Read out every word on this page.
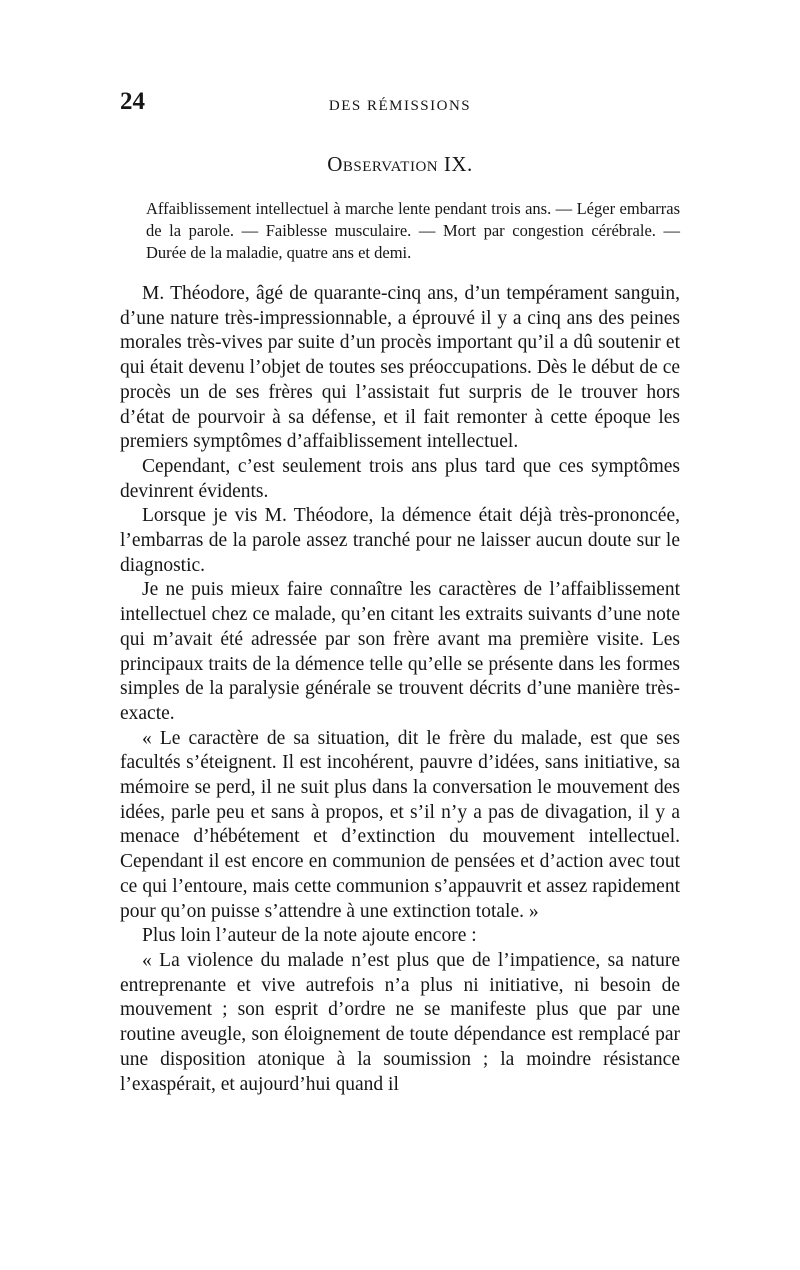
24	DES RÉMISSIONS
Observation IX.
Affaiblissement intellectuel à marche lente pendant trois ans. — Léger embarras de la parole. — Faiblesse musculaire. — Mort par congestion cérébrale. — Durée de la maladie, quatre ans et demi.

M. Théodore, âgé de quarante-cinq ans, d’un tempérament sanguin, d’une nature très-impressionnable, a éprouvé il y a cinq ans des peines morales très-vives par suite d’un procès important qu’il a dû soutenir et qui était devenu l’objet de toutes ses préoccupations. Dès le début de ce procès un de ses frères qui l’assistait fut surpris de le trouver hors d’état de pourvoir à sa défense, et il fait remonter à cette époque les premiers symptômes d’affaiblissement intellectuel.

Cependant, c’est seulement trois ans plus tard que ces symptômes devinrent évidents.

Lorsque je vis M. Théodore, la démence était déjà très-prononcée, l’embarras de la parole assez tranché pour ne laisser aucun doute sur le diagnostic.

Je ne puis mieux faire connaître les caractères de l’affaiblissement intellectuel chez ce malade, qu’en citant les extraits suivants d’une note qui m’avait été adressée par son frère avant ma première visite. Les principaux traits de la démence telle qu’elle se présente dans les formes simples de la paralysie générale se trouvent décrits d’une manière très-exacte.

« Le caractère de sa situation, dit le frère du malade, est que ses facultés s’éteignent. Il est incohérent, pauvre d’idées, sans initiative, sa mémoire se perd, il ne suit plus dans la conversation le mouvement des idées, parle peu et sans à propos, et s’il n’y a pas de divagation, il y a menace d’hébétement et d’extinction du mouvement intellectuel. Cependant il est encore en communion de pensées et d’action avec tout ce qui l’entoure, mais cette communion s’appauvrit et assez rapidement pour qu’on puisse s’attendre à une extinction totale. »

Plus loin l’auteur de la note ajoute encore :

« La violence du malade n’est plus que de l’impatience, sa nature entreprenante et vive autrefois n’a plus ni initiative, ni besoin de mouvement ; son esprit d’ordre ne se manifeste plus que par une routine aveugle, son éloignement de toute dépendance est remplacé par une disposition atonique à la soumission ; la moindre résistance l’exaspérait, et aujourd’hui quand il
